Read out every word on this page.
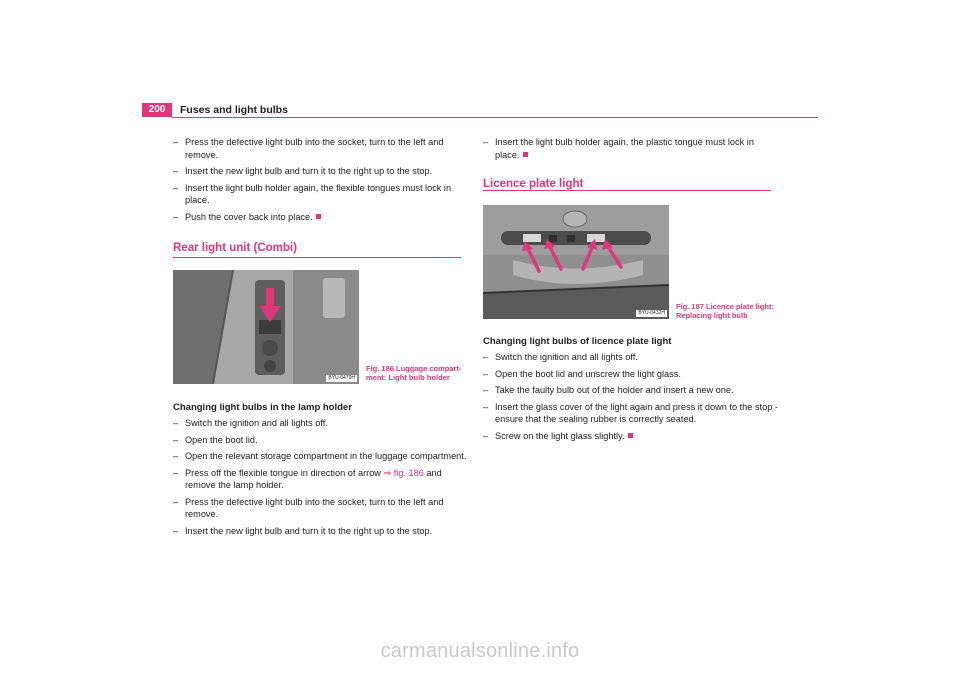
200	Fuses and light bulbs
– Press the defective light bulb into the socket, turn to the left and remove.
– Insert the new light bulb and turn it to the right up to the stop.
– Insert the light bulb holder again, the flexible tongues must lock in place.
– Push the cover back into place.
Rear light unit (Combi)
BYU-0479H
Fig. 186 Luggage compart-ment: Light bulb holder
Changing light bulbs in the lamp holder
– Switch the ignition and all lights off.
– Open the boot lid.
– Open the relevant storage compartment in the luggage compartment.
– Press off the flexible tongue in direction of arrow ⇒ fig. 186 and remove the lamp holder.
– Press the defective light bulb into the socket, turn to the left and remove.
– Insert the new light bulb and turn it to the right up to the stop.
– Insert the light bulb holder again, the plastic tongue must lock in place.
Licence plate light
BYU-0432H
Fig. 187 Licence plate light: Replacing light bulb
Changing light bulbs of licence plate light
– Switch the ignition and all lights off.
– Open the boot lid and unscrew the light glass.
– Take the faulty bulb out of the holder and insert a new one.
– Insert the glass cover of the light again and press it down to the stop - ensure that the sealing rubber is correctly seated.
– Screw on the light glass slightly.
carmanualsonline.info
